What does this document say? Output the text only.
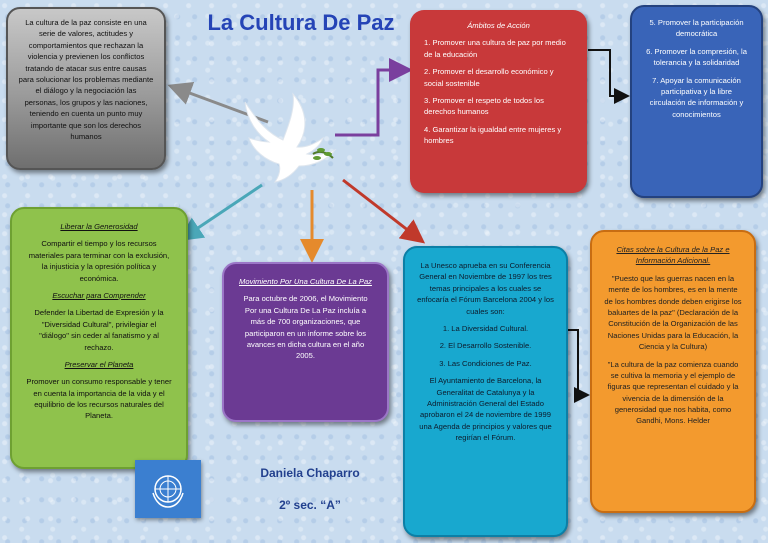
La Cultura De Paz

La cultura de la paz consiste en una serie de valores, actitudes y comportamientos que rechazan la violencia y previenen los conflictos tratando de atacar sus entre causas para solucionar los problemas mediante el diálogo y la negociación las personas, los grupos y las naciones, teniendo en cuenta un punto muy importante que son los derechos humanos

Ámbitos de Acción

1. Promover una cultura de paz por medio de la educación

2. Promover el desarrollo económico y social sostenible

3. Promover el respeto de todos los derechos humanos

4. Garantizar la igualdad entre mujeres y hombres

5. Promover la participación democrática

6. Promover la compresión, la tolerancia y la solidaridad

7. Apoyar la comunicación participativa y la libre circulación de información y conocimientos

Liberar la Generosidad

Compartir el tiempo y los recursos materiales para terminar con la exclusión, la injusticia y la opresión política y económica.

Escuchar para Comprender

Defender la Libertad de Expresión y la "Diversidad Cultural", privilegiar el "diálogo" sin ceder al fanatismo y al rechazo.

Preservar el Planeta

Promover un consumo responsable y tener en cuenta la importancia de la vida y el equilibrio de los recursos naturales del Planeta.

Movimiento Por Una Cultura De La Paz

Para octubre de 2006, el Movimiento Por una Cultura De La Paz incluía a más de 700 organizaciones, que participaron en un informe sobre los avances en dicha cultura en el año 2005.

La Unesco aprueba en su Conferencia General en Noviembre de 1997 los tres temas principales a los cuales se enfocaría el Fórum Barcelona 2004 y los cuales son:

1. La Diversidad Cultural.

2. El Desarrollo Sostenible.

3. Las Condiciones de Paz.

El Ayuntamiento de Barcelona, la Generalitat de Catalunya y la Administración General del Estado aprobaron el 24 de noviembre de 1999 una Agenda de principios y valores que regirían el Fórum.

Citas sobre la Cultura de la Paz e Información Adicional.

"Puesto que las guerras nacen en la mente de los hombres, es en la mente de los hombres donde deben erigirse los baluartes de la paz" (Declaración de la Constitución de la Organización de las Naciones Unidas para la Educación, la Ciencia y la Cultura)

"La cultura de la paz comienza cuando se cultiva la memoria y el ejemplo de figuras que representan el cuidado y la vivencia de la dimensión de la generosidad que nos habita, como Gandhi, Mons. Helder

Daniela Chaparro
2º sec. “A”
